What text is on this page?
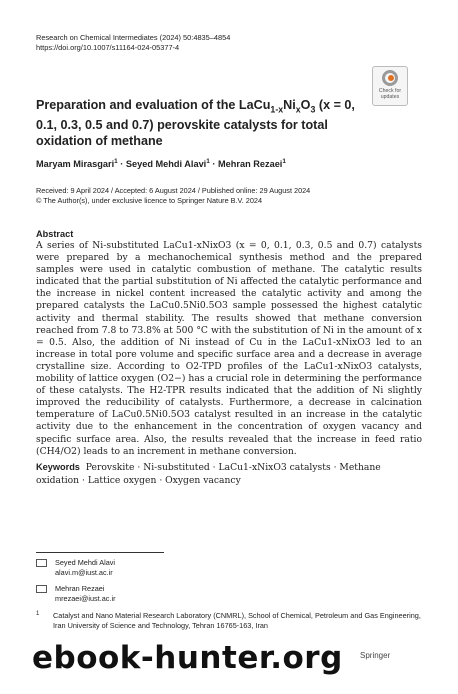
Research on Chemical Intermediates (2024) 50:4835–4854
https://doi.org/10.1007/s11164-024-05377-4
Check for
updates
Preparation and evaluation of the $LaCu_{1‑x}Ni_xO_3$ (x = 0, 0.1, 0.3, 0.5 and 0.7) perovskite catalysts for total oxidation of methane
Maryam Mirasgari$^1$ · Seyed Mehdi Alavi$^1$ · Mehran Rezaei$^1$
Received: 9 April 2024 / Accepted: 6 August 2024 / Published online: 29 August 2024
© The Author(s), under exclusive licence to Springer Nature B.V. 2024
Abstract

A series of Ni-substituted LaCu1‑xNixO3 (x = 0, 0.1, 0.3, 0.5 and 0.7) catalysts were prepared by a mechanochemical synthesis method and the prepared samples were used in catalytic combustion of methane. The catalytic results indicated that the partial substitution of Ni affected the catalytic performance and the increase in nickel content increased the catalytic activity and among the prepared catalysts the LaCu0.5Ni0.5O3 sample possessed the highest catalytic activity and thermal stability. The results showed that methane conversion reached from 7.8 to 73.8% at 500 °C with the substitution of Ni in the amount of x = 0.5. Also, the addition of Ni instead of Cu in the LaCu1‑xNixO3 led to an increase in total pore volume and specific surface area and a decrease in average crystalline size. According to O2-TPD profiles of the LaCu1‑xNixO3 catalysts, mobility of lattice oxygen (O2−) has a crucial role in determining the performance of these catalysts. The H2-TPR results indicated that the addition of Ni slightly improved the reducibility of catalysts. Furthermore, a decrease in calcination temperature of LaCu0.5Ni0.5O3 catalyst resulted in an increase in the catalytic activity due to the enhancement in the concentration of oxygen vacancy and specific surface area. Also, the results revealed that the increase in feed ratio (CH4/O2) leads to an increment in methane conversion.

Keywords Perovskite · Ni-substituted · LaCu1‑xNixO3 catalysts · Methane oxidation · Lattice oxygen · Oxygen vacancy

Seyed Mehdi Alavi
alavi.m@iust.ac.ir
Mehran Rezaei
mrezaei@iust.ac.ir
1	Catalyst and Nano Material Research Laboratory (CNMRL), School of Chemical, Petroleum and Gas Engineering, Iran University of Science and Technology, Tehran 16765-163, Iran
ebook-hunter.org Springer
